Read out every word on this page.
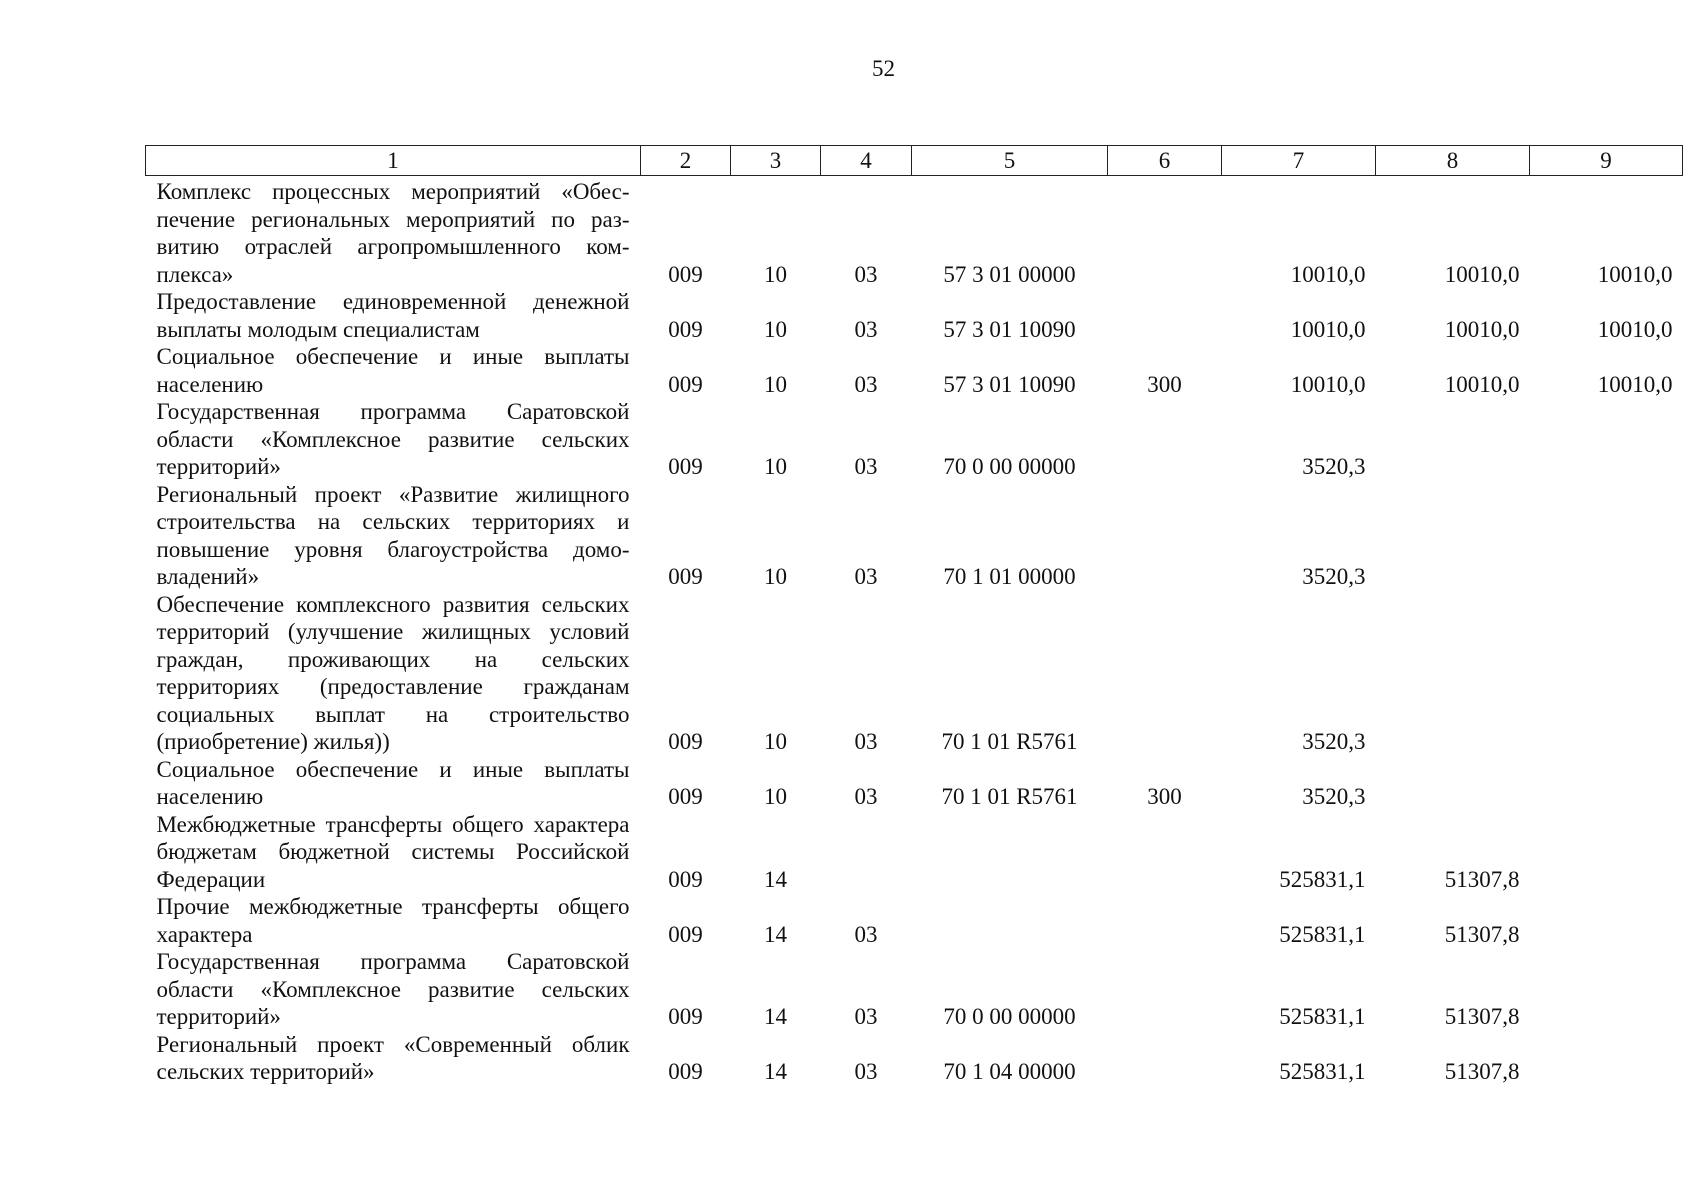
52
1	2	3	4	5	6	7	8	9
Комплекс процессных мероприятий «Обеспечение региональных мероприятий по развитию отраслей агропромышленного комплекса»	009	10	03	57 3 01 00000		10010,0	10010,0	10010,0
Предоставление единовременной денежной выплаты молодым специалистам	009	10	03	57 3 01 10090		10010,0	10010,0	10010,0
Социальное обеспечение и иные выплаты населению	009	10	03	57 3 01 10090	300	10010,0	10010,0	10010,0
Государственная программа Саратовской области «Комплексное развитие сельских территорий»	009	10	03	70 0 00 00000		3520,3		
Региональный проект «Развитие жилищного строительства на сельских территориях и повышение уровня благоустройства домовладений»	009	10	03	70 1 01 00000		3520,3		
Обеспечение комплексного развития сельских территорий (улучшение жилищных условий граждан, проживающих на сельских территориях (предоставление гражданам социальных выплат на строительство (приобретение) жилья))	009	10	03	70 1 01 R5761		3520,3		
Социальное обеспечение и иные выплаты населению	009	10	03	70 1 01 R5761	300	3520,3		
Межбюджетные трансферты общего характера бюджетам бюджетной системы Российской Федерации	009	14				525831,1	51307,8	
Прочие межбюджетные трансферты общего характера	009	14	03			525831,1	51307,8	
Государственная программа Саратовской области «Комплексное развитие сельских территорий»	009	14	03	70 0 00 00000		525831,1	51307,8	
Региональный проект «Современный облик сельских территорий»	009	14	03	70 1 04 00000		525831,1	51307,8	
